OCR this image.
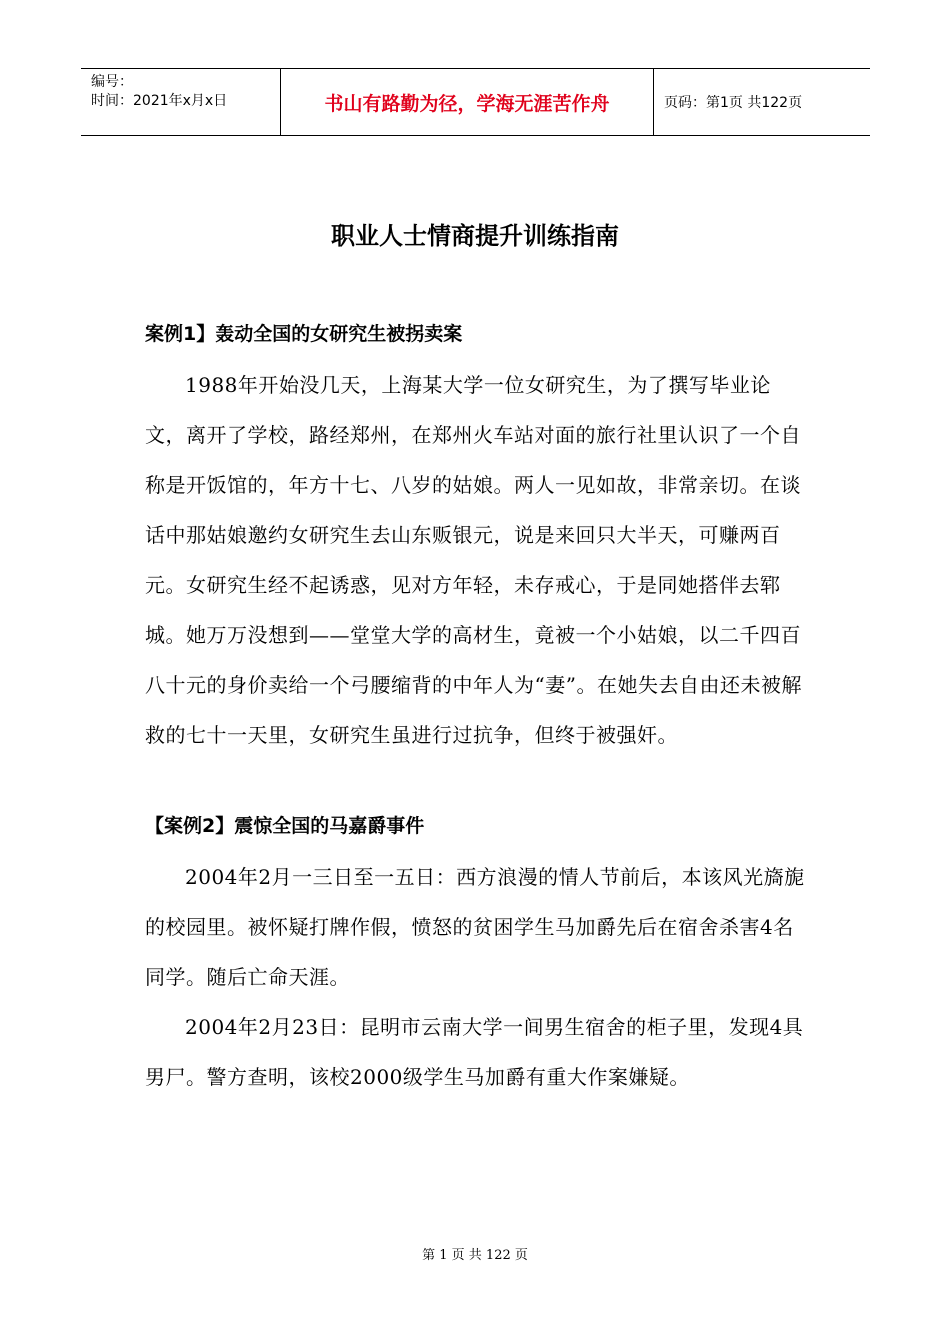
编号：
时间：2021年x月x日	书山有路勤为径，学海无涯苦作舟	页码：第1页 共122页
职业人士情商提升训练指南

案例1】轰动全国的女研究生被拐卖案

1988年开始没几天，上海某大学一位女研究生，为了撰写毕业论文，离开了学校，路经郑州，在郑州火车站对面的旅行社里认识了一个自称是开饭馆的，年方十七、八岁的姑娘。两人一见如故，非常亲切。在谈话中那姑娘邀约女研究生去山东贩银元，说是来回只大半天，可赚两百元。女研究生经不起诱惑，见对方年轻，未存戒心，于是同她搭伴去郓城。她万万没想到——堂堂大学的高材生，竟被一个小姑娘，以二千四百八十元的身价卖给一个弓腰缩背的中年人为“妻”。在她失去自由还未被解救的七十一天里，女研究生虽进行过抗争，但终于被强奸。

【案例2】震惊全国的马嘉爵事件

2004年2月一三日至一五日：西方浪漫的情人节前后，本该风光旖旎的校园里。被怀疑打牌作假，愤怒的贫困学生马加爵先后在宿舍杀害4名同学。随后亡命天涯。

2004年2月23日：昆明市云南大学一间男生宿舍的柜子里，发现4具男尸。警方查明，该校2000级学生马加爵有重大作案嫌疑。

第 1 页 共 122 页
